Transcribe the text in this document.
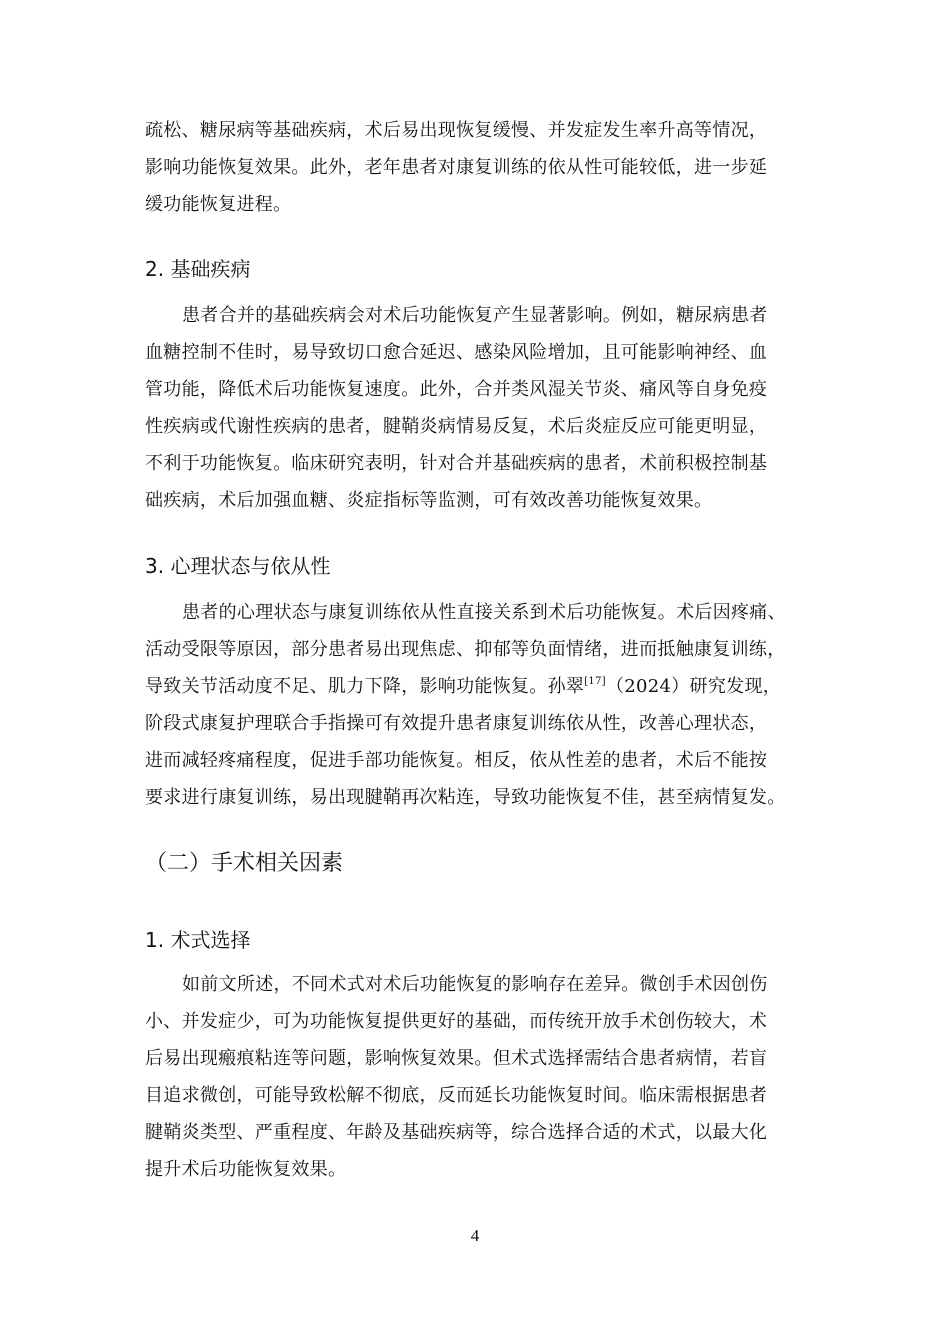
疏松、糖尿病等基础疾病，术后易出现恢复缓慢、并发症发生率升高等情况，
影响功能恢复效果。此外，老年患者对康复训练的依从性可能较低，进一步延
缓功能恢复进程。
2. 基础疾病
患者合并的基础疾病会对术后功能恢复产生显著影响。例如，糖尿病患者
血糖控制不佳时，易导致切口愈合延迟、感染风险增加，且可能影响神经、血
管功能，降低术后功能恢复速度。此外，合并类风湿关节炎、痛风等自身免疫
性疾病或代谢性疾病的患者，腱鞘炎病情易反复，术后炎症反应可能更明显，
不利于功能恢复。临床研究表明，针对合并基础疾病的患者，术前积极控制基
础疾病，术后加强血糖、炎症指标等监测，可有效改善功能恢复效果。
3. 心理状态与依从性
患者的心理状态与康复训练依从性直接关系到术后功能恢复。术后因疼痛、
活动受限等原因，部分患者易出现焦虑、抑郁等负面情绪，进而抵触康复训练，
导致关节活动度不足、肌力下降，影响功能恢复。孙翠[17]（2024）研究发现，
阶段式康复护理联合手指操可有效提升患者康复训练依从性，改善心理状态，
进而减轻疼痛程度，促进手部功能恢复。相反，依从性差的患者，术后不能按
要求进行康复训练，易出现腱鞘再次粘连，导致功能恢复不佳，甚至病情复发。
（二）手术相关因素
1. 术式选择
如前文所述，不同术式对术后功能恢复的影响存在差异。微创手术因创伤
小、并发症少，可为功能恢复提供更好的基础，而传统开放手术创伤较大，术
后易出现瘢痕粘连等问题，影响恢复效果。但术式选择需结合患者病情，若盲
目追求微创，可能导致松解不彻底，反而延长功能恢复时间。临床需根据患者
腱鞘炎类型、严重程度、年龄及基础疾病等，综合选择合适的术式，以最大化
提升术后功能恢复效果。
4
